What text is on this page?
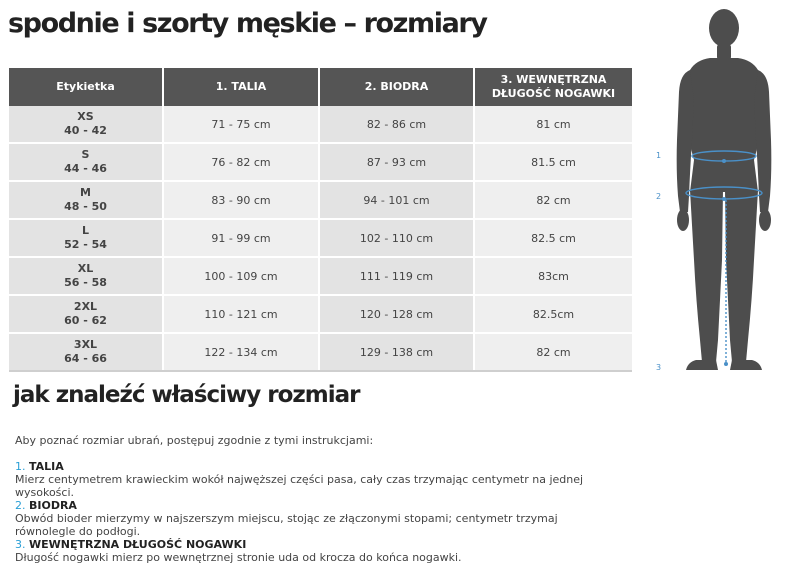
spodnie i szorty męskie – rozmiary
Etykietka	1. TALIA	2. BIODRA	3. WEWNĘTRZNA DŁUGOŚĆ NOGAWKI

XS
40 - 42	71 - 75 cm	82 - 86 cm	81 cm

S
44 - 46	76 - 82 cm	87 - 93 cm	81.5 cm

M
48 - 50	83 - 90 cm	94 - 101 cm	82 cm

L
52 - 54	91 - 99 cm	102 - 110 cm	82.5 cm

XL
56 - 58	100 - 109 cm	111 - 119 cm	83cm

2XL
60 - 62	110 - 121 cm	120 - 128 cm	82.5cm

3XL
64 - 66	122 - 134 cm	129 - 138 cm	82 cm
1
2
3
jak znaleźć właściwy rozmiar

Aby poznać rozmiar ubrań, postępuj zgodnie z tymi instrukcjami:

1. TALIA
Mierz centymetrem krawieckim wokół najwęższej części pasa, cały czas trzymając centymetr na jednej wysokości.
2. BIODRA
Obwód bioder mierzymy w najszerszym miejscu, stojąc ze złączonymi stopami; centymetr trzymaj równolegle do podłogi.
3. WEWNĘTRZNA DŁUGOŚĆ NOGAWKI
Długość nogawki mierz po wewnętrznej stronie uda od krocza do końca nogawki.
